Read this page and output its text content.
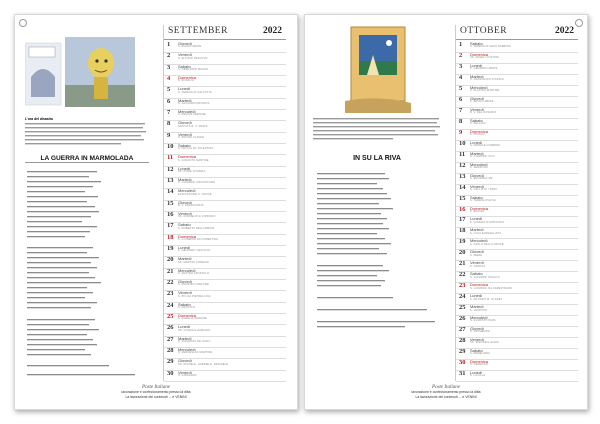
L'ora del disastro
LA GUERRA IN MARMOLADA
SETTEMBER	2022
1 Giovedì
S. EGIDIO ABATE
2 Venerdì
S. ELPIDIO VESCOVO
3 Sabato
S. GREGORIO MAGNO
4 Domenica
S. ROSALIA
5 Lunedì
S. TERESA DI CALCUTTA
6 Martedì
S. ZACCARIA PROFETA
7 Mercoledì
S. REGINA VERGINE
8 Giovedì
NATIVITÀ B. V. MARIA
9 Venerdì
S. PIETRO CLAVER
10 Sabato
S. NICOLA DA TOLENTINO
11 Domenica
S. GIACINTO MARTIRE
12 Lunedì
SS. NOME DI MARIA
13 Martedì
S. GIOVANNI CRISOSTOMO
14 Mercoledì
ESALTAZIONE S. CROCE
15 Giovedì
B. V. ADDOLORATA
16 Venerdì
SS. CORNELIO E CIPRIANO
17 Sabato
S. ROBERTO BELLARMINO
18 Domenica
S. GIUSEPPE DA COPERTINO
19 Lunedì
S. GENNARO VESCOVO
20 Martedì
SS. MARTIRI COREANI
21 Mercoledì
S. MATTEO APOSTOLO
22 Giovedì
S. MAURIZIO MARTIRE
23 Venerdì
S. PIO DA PIETRELCINA
24 Sabato
S. PACIFICO
25 Domenica
S. AURELIA VERGINE
26 Lunedì
SS. COSMA E DAMIANO
27 Martedì
S. VINCENZO DE' PAOLI
28 Mercoledì
S. VENCESLAO MARTIRE
29 Giovedì
SS. MICHELE, GABRIELE, RAFFAELE
30 Venerdì
S. GIROLAMO
Poste Italiane
lavorazione e confezionamento presso la ditta
La lavorazione dei contenuti ... e VENINI
IN SU LA RIVA
OTTOBER	2022
1 Sabato
S. TERESA DI GESÙ BAMBINO
2 Domenica
SS. ANGELI CUSTODI
3 Lunedì
S. GERARDO ABATE
4 Martedì
S. FRANCESCO D'ASSISI
5 Mercoledì
S. PLACIDO MARTIRE
6 Giovedì
S. BRUNO ABATE
7 Venerdì
B. V. DEL ROSARIO
8 Sabato
S. PELAGIA
9 Domenica
S. DIONIGI
10 Lunedì
S. DANIELE COMBONI
11 Martedì
S. GIOVANNI XXIII
12 Mercoledì
S. SERAFINO
13 Giovedì
S. EDOARDO RE
14 Venerdì
S. CALLISTO I PAPA
15 Sabato
S. TERESA D'AVILA
16 Domenica
S. EDVIGE
17 Lunedì
S. IGNAZIO D'ANTIOCHIA
18 Martedì
S. LUCA EVANGELISTA
19 Mercoledì
S. PAOLO DELLA CROCE
20 Giovedì
S. IRENE
21 Venerdì
S. ORSOLA
22 Sabato
S. GIOVANNI PAOLO II
23 Domenica
S. GIOVANNI DA CAPESTRANO
24 Lunedì
S. ANTONIO M. CLARET
25 Martedì
S. CRISPINO
26 Mercoledì
S. EVARISTO PAPA
27 Giovedì
S. FRUMENZIO
28 Venerdì
SS. SIMONE E GIUDA
29 Sabato
S. ERMELINDA
30 Domenica
S. GERMANO
31 Lunedì
S. LUCILLA
Poste Italiane
lavorazione e confezionamento presso la ditta
La lavorazione dei contenuti ... e VENINI
